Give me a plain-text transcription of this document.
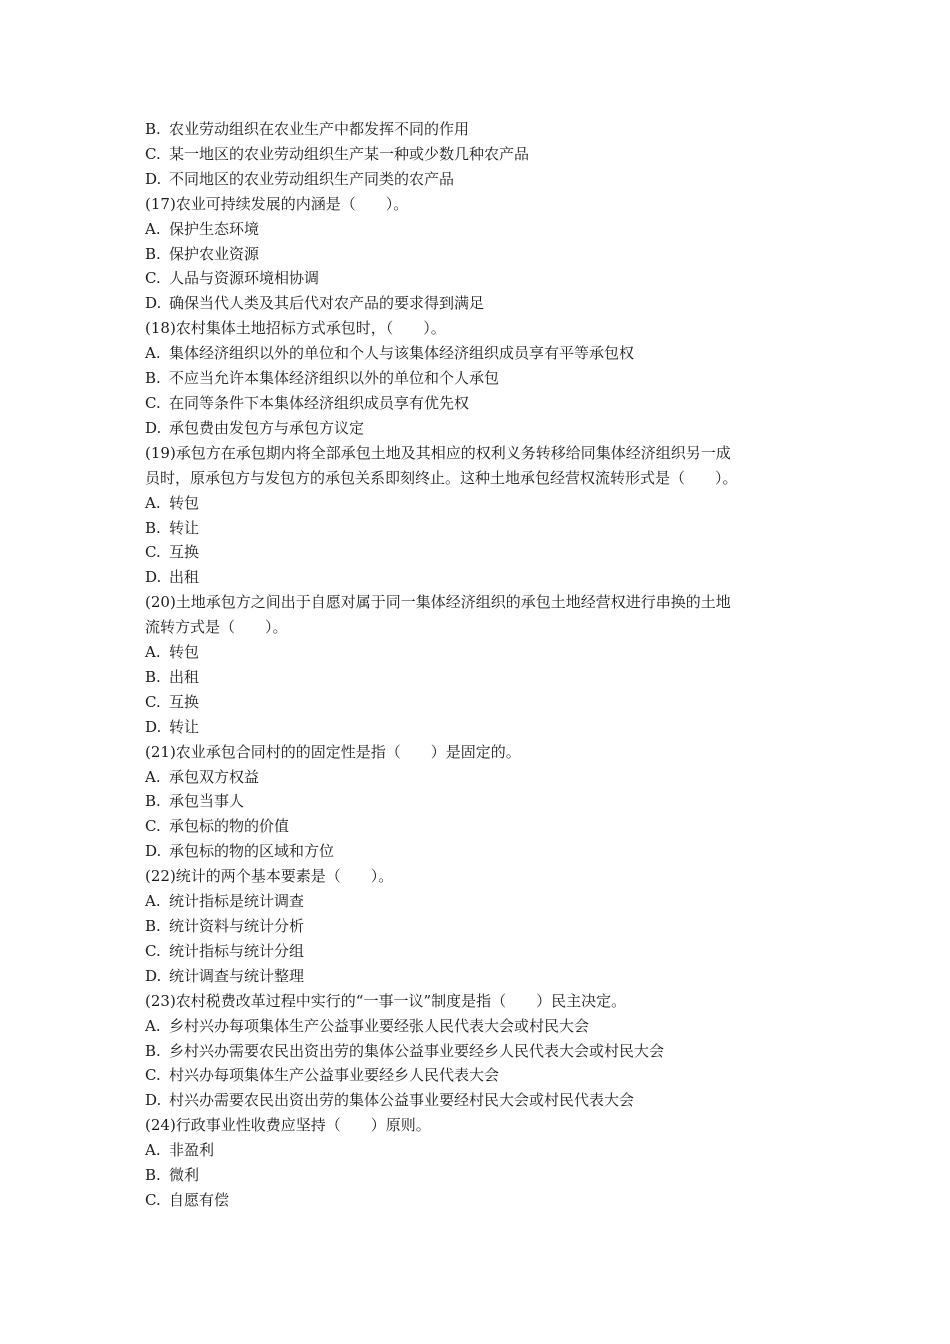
B. 农业劳动组织在农业生产中都发挥不同的作用
C. 某一地区的农业劳动组织生产某一种或少数几种农产品
D. 不同地区的农业劳动组织生产同类的农产品
(17)农业可持续发展的内涵是（　　）。
A. 保护生态环境
B. 保护农业资源
C. 人品与资源环境相协调
D. 确保当代人类及其后代对农产品的要求得到满足
(18)农村集体土地招标方式承包时，（　　）。
A. 集体经济组织以外的单位和个人与该集体经济组织成员享有平等承包权
B. 不应当允许本集体经济组织以外的单位和个人承包
C. 在同等条件下本集体经济组织成员享有优先权
D. 承包费由发包方与承包方议定
(19)承包方在承包期内将全部承包土地及其相应的权利义务转移给同集体经济组织另一成
员时，原承包方与发包方的承包关系即刻终止。这种土地承包经营权流转形式是（　　）。
A. 转包
B. 转让
C. 互换
D. 出租
(20)土地承包方之间出于自愿对属于同一集体经济组织的承包土地经营权进行串换的土地
流转方式是（　　）。
A. 转包
B. 出租
C. 互换
D. 转让
(21)农业承包合同村的的固定性是指（　　）是固定的。
A. 承包双方权益
B. 承包当事人
C. 承包标的物的价值
D. 承包标的物的区域和方位
(22)统计的两个基本要素是（　　）。
A. 统计指标是统计调查
B. 统计资料与统计分析
C. 统计指标与统计分组
D. 统计调查与统计整理
(23)农村税费改革过程中实行的“一事一议”制度是指（　　）民主决定。
A. 乡村兴办每项集体生产公益事业要经张人民代表大会或村民大会
B. 乡村兴办需要农民出资出劳的集体公益事业要经乡人民代表大会或村民大会
C. 村兴办每项集体生产公益事业要经乡人民代表大会
D. 村兴办需要农民出资出劳的集体公益事业要经村民大会或村民代表大会
(24)行政事业性收费应坚持（　　）原则。
A. 非盈利
B. 微利
C. 自愿有偿
